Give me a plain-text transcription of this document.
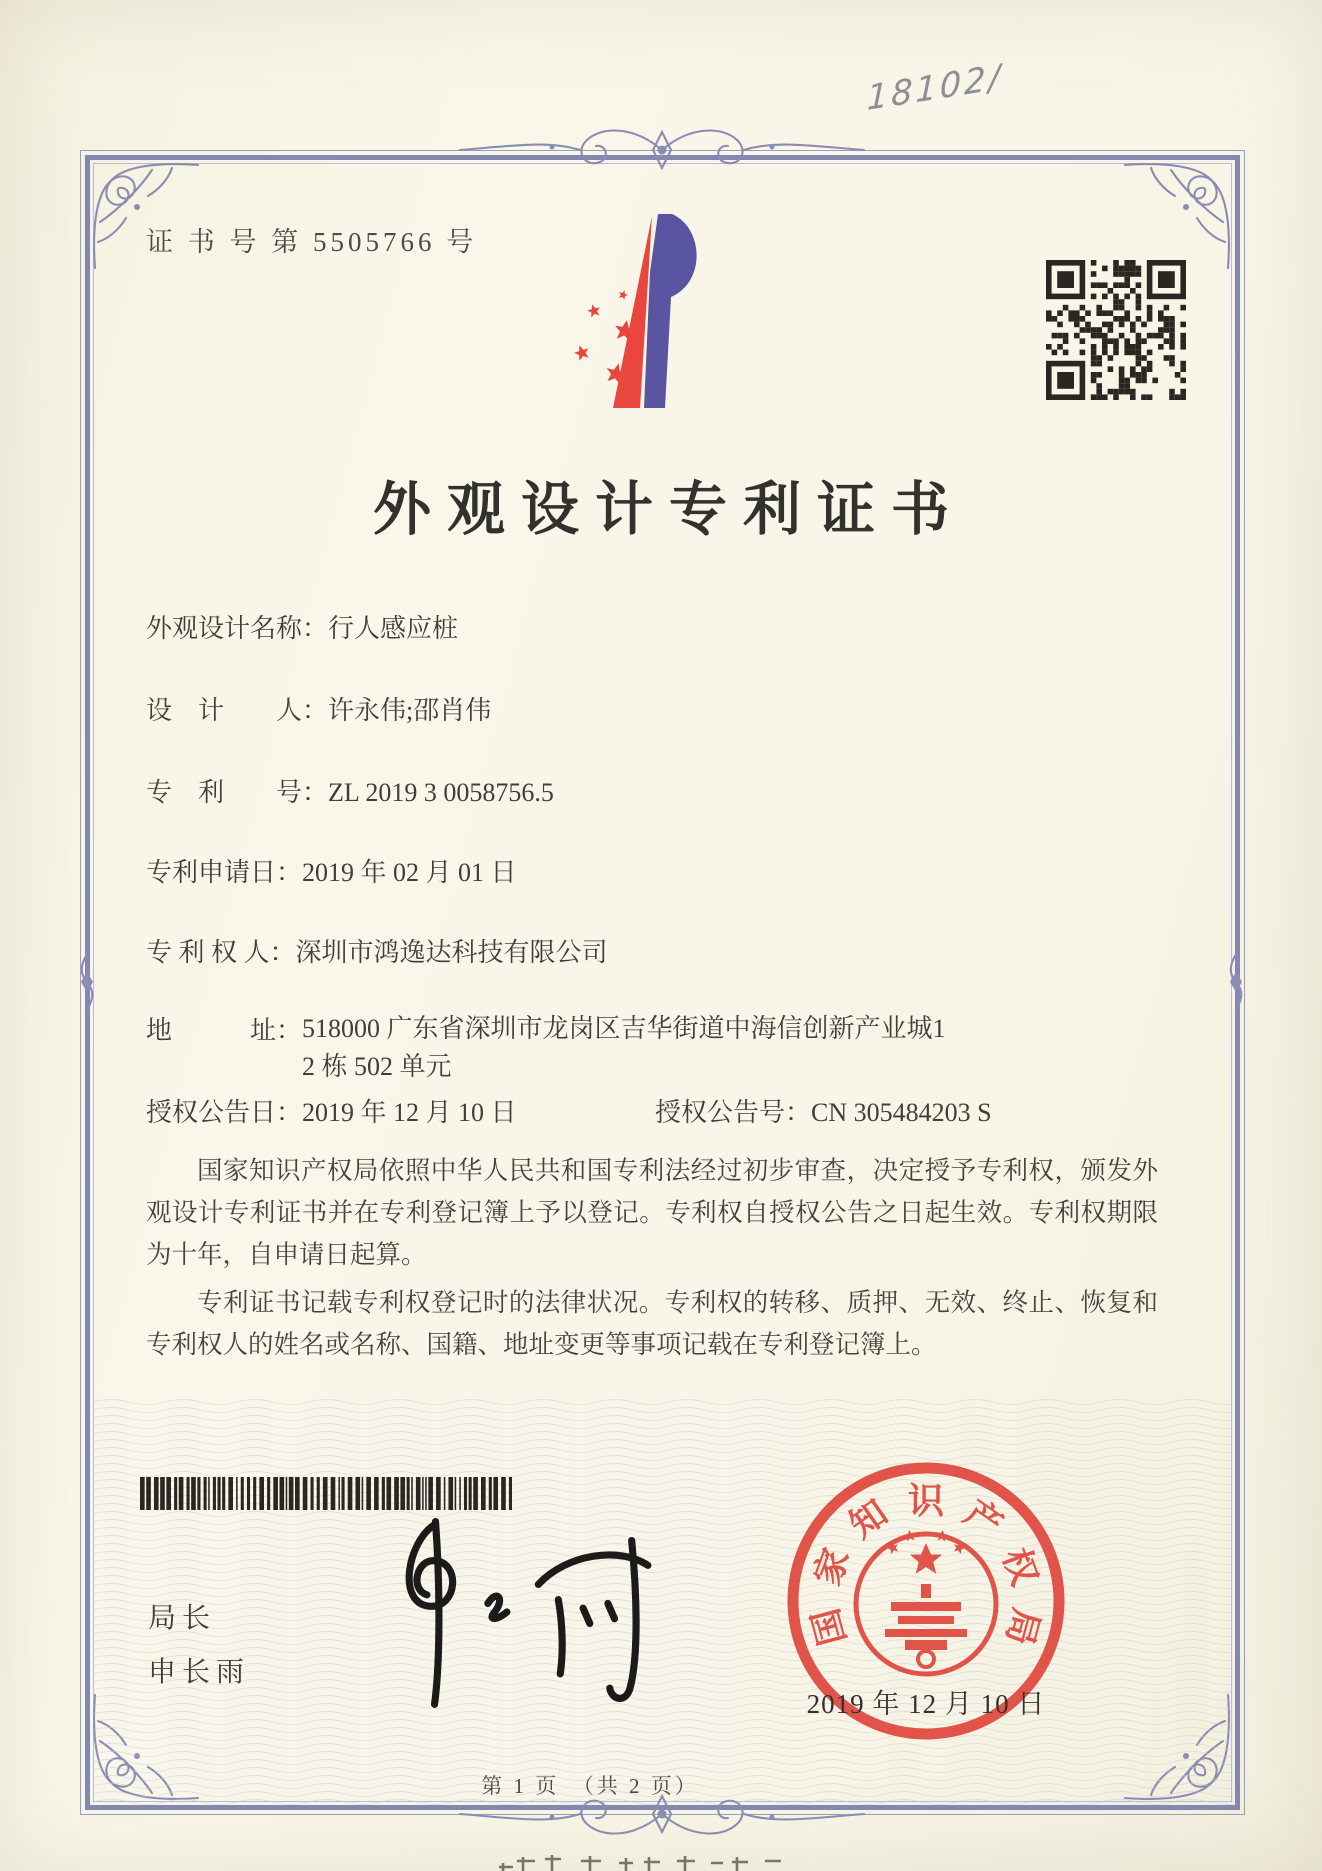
18102/
证 书 号 第 5505766 号
外观设计专利证书
外观设计名称：行人感应桩
设　计　　人：许永伟;邵肖伟
专　利　　号：ZL 2019 3 0058756.5
专利申请日：2019 年 02 月 01 日
专 利 权 人：深圳市鸿逸达科技有限公司
地　　　址：518000 广东省深圳市龙岗区吉华街道中海信创新产业城1
2 栋 502 单元
授权公告日：2019 年 12 月 10 日	授权公告号：CN 305484203 S
国家知识产权局依照中华人民共和国专利法经过初步审查，决定授予专利权，颁发外观设计专利证书并在专利登记簿上予以登记。专利权自授权公告之日起生效。专利权期限为十年，自申请日起算。
专利证书记载专利权登记时的法律状况。专利权的转移、质押、无效、终止、恢复和专利权人的姓名或名称、国籍、地址变更等事项记载在专利登记簿上。
局长
申长雨
国
家
知 识 产
权
局
2019 年 12 月 10 日
第 1 页　（共 2 页）
